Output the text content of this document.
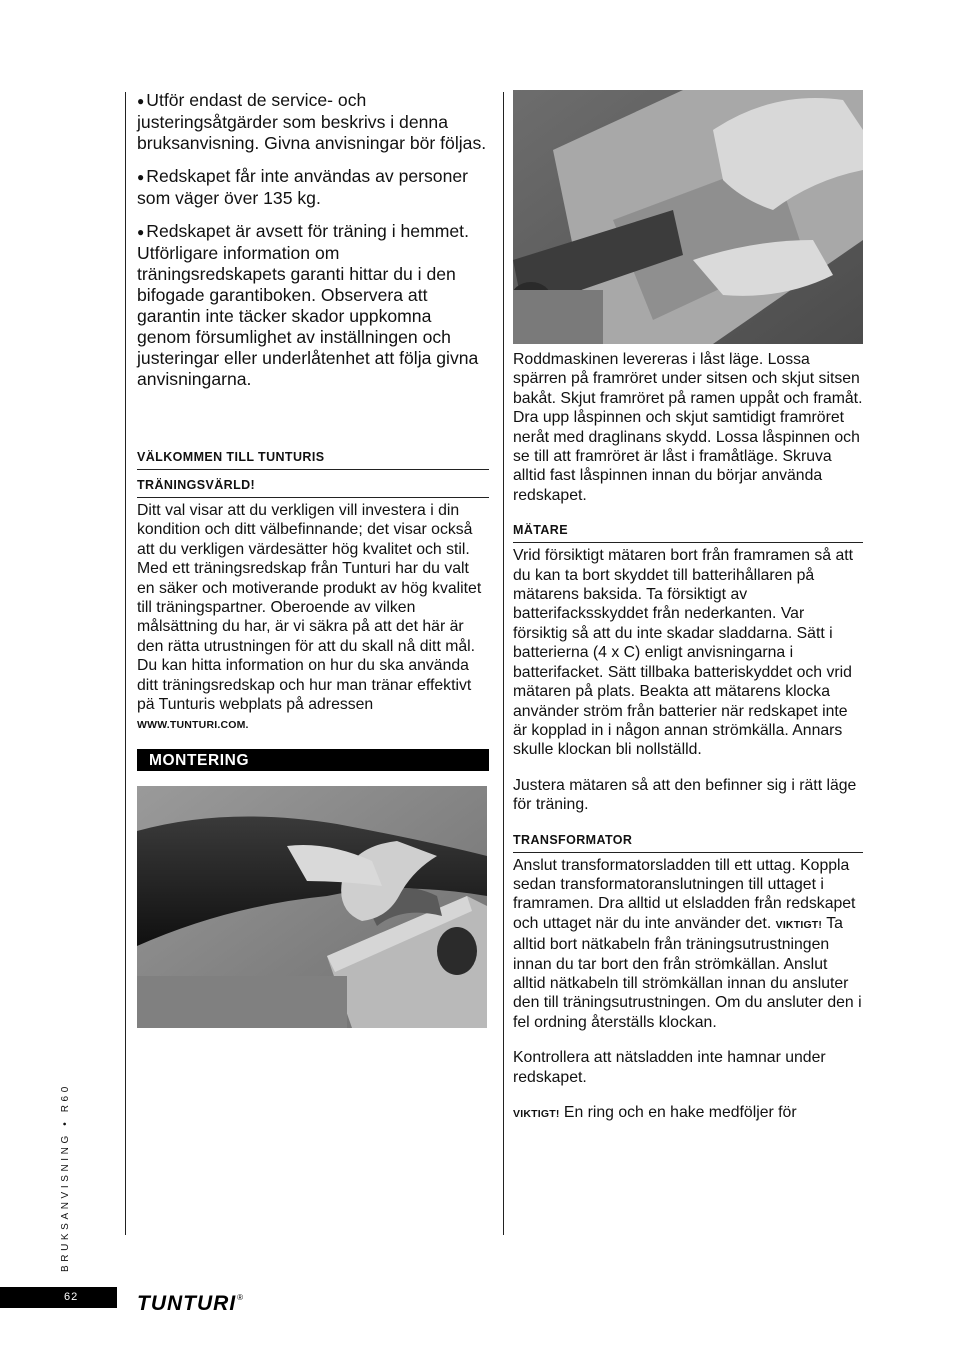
● Utför endast de service- och justeringsåtgärder som beskrivs i denna bruksanvisning. Givna anvisningar bör följas.

● Redskapet får inte användas av personer som väger över 135 kg.

● Redskapet är avsett för träning i hemmet. Utförligare information om träningsredskapets garanti hittar du i den bifogade garantiboken. Observera att garantin inte täcker skador uppkomna genom försumlighet av inställningen och justeringar eller underlåtenhet att följa givna anvisningarna.

VÄLKOMMEN TILL TUNTURIS

TRÄNINGSVÄRLD!

Ditt val visar att du verkligen vill investera i din kondition och ditt välbefinnande; det visar också att du verkligen värdesätter hög kvalitet och stil. Med ett träningsredskap från Tunturi har du valt en säker och motiverande produkt av hög kvalitet till träningspartner. Oberoende av vilken målsättning du har, är vi säkra på att det här är den rätta utrustningen för att du skall nå ditt mål. Du kan hitta information on hur du ska använda ditt träningsredskap och hur man tränar effektivt pä Tunturis webplats på adressen WWW.TUNTURI.COM.

MONTERING

Roddmaskinen levereras i låst läge. Lossa spärren på framröret under sitsen och skjut sitsen bakåt. Skjut framröret på ramen uppåt och framåt. Dra upp låspinnen och skjut samtidigt framröret neråt med draglinans skydd. Lossa låspinnen och se till att framröret är låst i framåtläge. Skruva alltid fast låspinnen innan du börjar använda redskapet.

MÄTARE

Vrid försiktigt mätaren bort från framramen så att du kan ta bort skyddet till batterihållaren på mätarens baksida. Ta försiktigt av batterifacksskyddet från nederkanten. Var försiktig så att du inte skadar sladdarna. Sätt i batterierna (4 x C) enligt anvisningarna i batterifacket. Sätt tillbaka batteriskyddet och vrid mätaren på plats. Beakta att mätarens klocka använder ström från batterier när redskapet inte är kopplad in i någon annan strömkälla. Annars skulle klockan bli nollställd.

Justera mätaren så att den befinner sig i rätt läge för träning.

TRANSFORMATOR

Anslut transformatorsladden till ett uttag. Koppla sedan transformatoranslutningen till uttaget i framramen. Dra alltid ut elsladden från redskapet och uttaget när du inte använder det. VIKTIGT! Ta alltid bort nätkabeln från träningsutrustningen innan du tar bort den från strömkällan. Anslut alltid nätkabeln till strömkällan innan du ansluter den till träningsutrustningen. Om du ansluter den i fel ordning återställs klockan.

Kontrollera att nätsladden inte hamnar under redskapet.

VIKTIGT! En ring och en hake medföljer för

BRUKSANVISNING • R60
62	TUNTURI®
